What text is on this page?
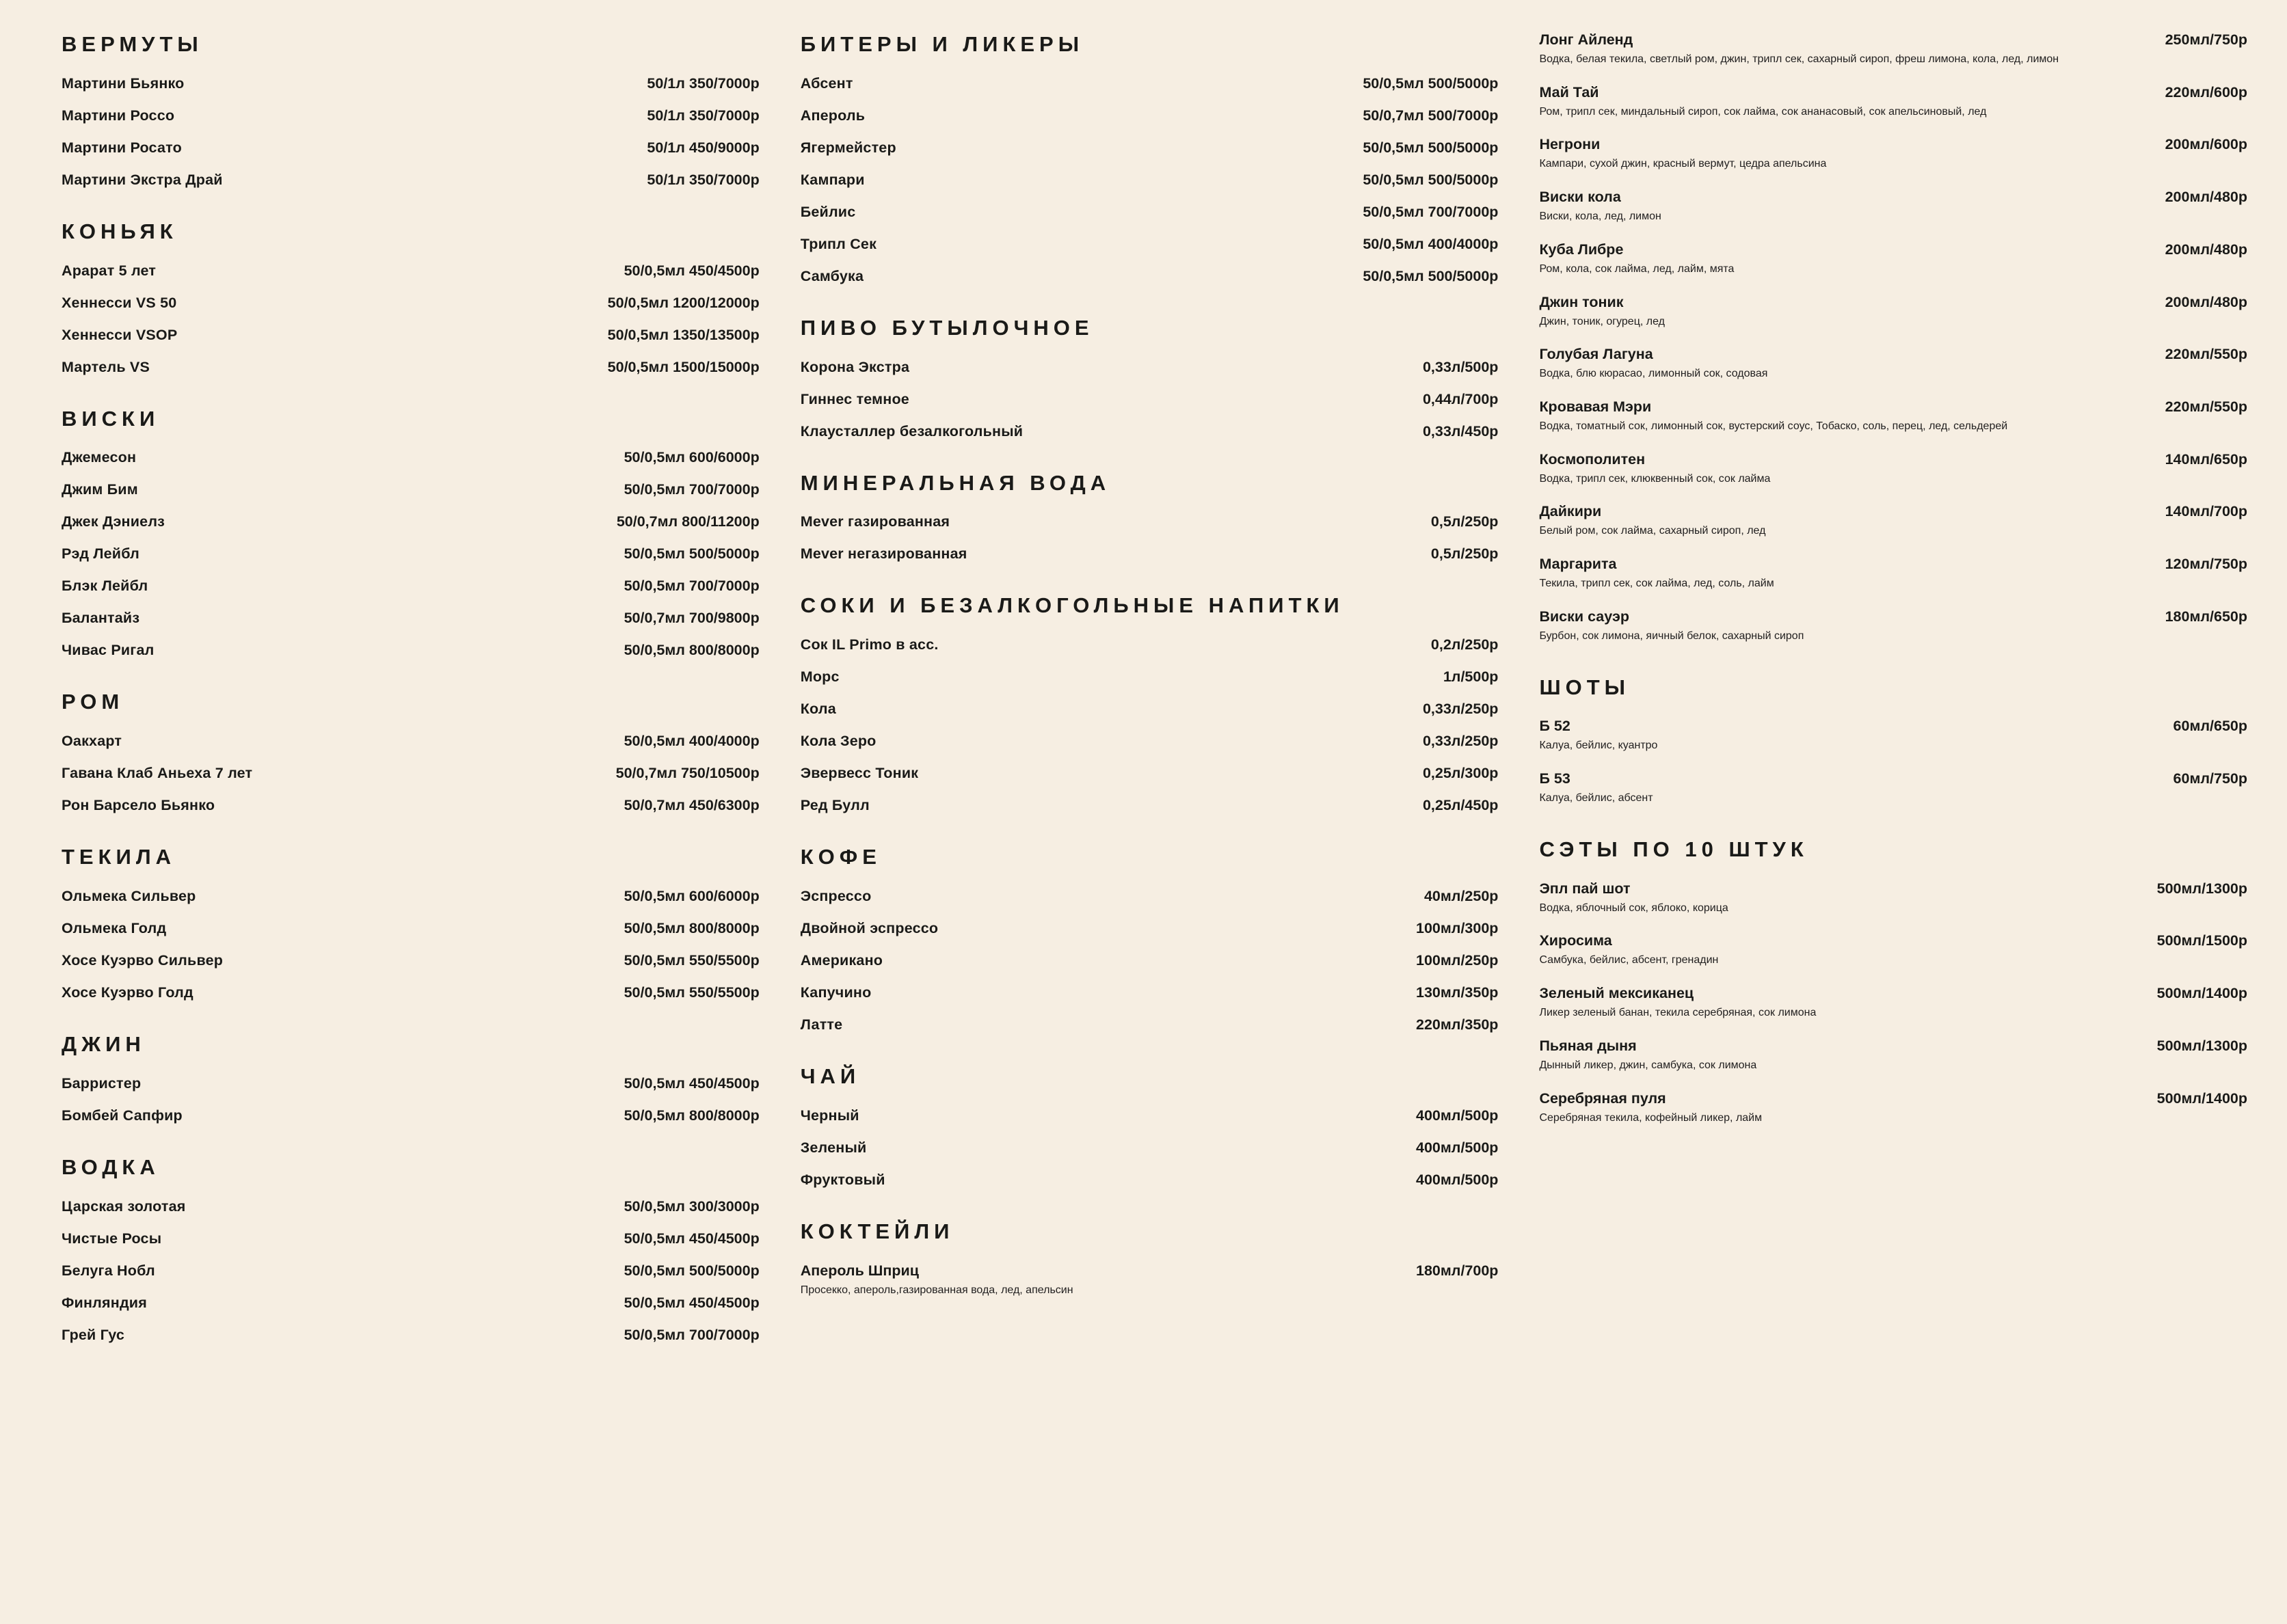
ВЕРМУТЫ
Мартини Бьянко	50/1л 350/7000р
Мартини Россо	50/1л 350/7000р
Мартини Росато	50/1л 450/9000р
Мартини Экстра Драй	50/1л 350/7000р
КОНЬЯК
Арарат 5 лет	50/0,5мл 450/4500р
Хеннесси VS 50	50/0,5мл 1200/12000р
Хеннесси VSOP	50/0,5мл 1350/13500р
Мартель VS	50/0,5мл 1500/15000р
ВИСКИ
Джемесон	50/0,5мл 600/6000р
Джим Бим	50/0,5мл 700/7000р
Джек Дэниелз	50/0,7мл 800/11200р
Рэд Лейбл	50/0,5мл 500/5000р
Блэк Лейбл	50/0,5мл 700/7000р
Балантайз	50/0,7мл 700/9800р
Чивас Ригал	50/0,5мл 800/8000р
РОМ
Оакхарт	50/0,5мл 400/4000р
Гавана Клаб Аньеха 7 лет	50/0,7мл 750/10500р
Рон Барсело Бьянко	50/0,7мл 450/6300р
ТЕКИЛА
Ольмека Сильвер	50/0,5мл 600/6000р
Ольмека Голд	50/0,5мл 800/8000р
Хосе Куэрво Сильвер	50/0,5мл 550/5500р
Хосе Куэрво Голд	50/0,5мл 550/5500р
ДЖИН
Барристер	50/0,5мл 450/4500р
Бомбей Сапфир	50/0,5мл 800/8000р
ВОДКА
Царская золотая	50/0,5мл 300/3000р
Чистые Росы	50/0,5мл 450/4500р
Белуга Нобл	50/0,5мл 500/5000р
Финляндия	50/0,5мл 450/4500р
Грей Гус	50/0,5мл 700/7000р
БИТЕРЫ И ЛИКЕРЫ
Абсент	50/0,5мл 500/5000р
Апероль	50/0,7мл 500/7000р
Ягермейстер	50/0,5мл 500/5000р
Кампари	50/0,5мл 500/5000р
Бейлис	50/0,5мл 700/7000р
Трипл Сек	50/0,5мл 400/4000р
Самбука	50/0,5мл 500/5000р
ПИВО БУТЫЛОЧНОЕ
Корона Экстра	0,33л/500р
Гиннес темное	0,44л/700р
Клаусталлер безалкогольный	0,33л/450р
МИНЕРАЛЬНАЯ ВОДА
Mever газированная	0,5л/250р
Mever негазированная	0,5л/250р
СОКИ И БЕЗАЛКОГОЛЬНЫЕ НАПИТКИ
Сок IL Primo в асс.	0,2л/250р
Морс	1л/500р
Кола	0,33л/250р
Кола Зеро	0,33л/250р
Эвервесс Тоник	0,25л/300р
Ред Булл	0,25л/450р
КОФЕ
Эспрессо	40мл/250р
Двойной эспрессо	100мл/300р
Американо	100мл/250р
Капучино	130мл/350р
Латте	220мл/350р
ЧАЙ
Черный	400мл/500р
Зеленый	400мл/500р
Фруктовый	400мл/500р
КОКТЕЙЛИ
Апероль Шприц	180мл/700р
Просекко, апероль,газированная вода, лед, апельсин
Лонг Айленд	250мл/750р
Водка, белая текила, светлый ром, джин, трипл сек, сахарный сироп, фреш лимона, кола, лед, лимон
Май Тай	220мл/600р
Ром, трипл сек, миндальный сироп, сок лайма, сок ананасовый, сок апельсиновый, лед
Негрони	200мл/600р
Кампари, сухой джин, красный вермут, цедра апельсина
Виски кола	200мл/480р
Виски, кола, лед, лимон
Куба Либре	200мл/480р
Ром, кола, сок лайма, лед, лайм, мята
Джин тоник	200мл/480р
Джин, тоник, огурец, лед
Голубая Лагуна	220мл/550р
Водка, блю кюрасао, лимонный сок, содовая
Кровавая Мэри	220мл/550р
Водка, томатный сок, лимонный сок, вустерский соус, Тобаско, соль, перец, лед, сельдерей
Космополитен	140мл/650р
Водка, трипл сек, клюквенный сок, сок лайма
Дайкири	140мл/700р
Белый ром, сок лайма, сахарный сироп, лед
Маргарита	120мл/750р
Текила, трипл сек, сок лайма, лед, соль, лайм
Виски сауэр	180мл/650р
Бурбон, сок лимона, яичный белок, сахарный сироп
ШОТЫ
Б 52	60мл/650р
Калуа, бейлис, куантро
Б 53	60мл/750р
Калуа, бейлис, абсент
СЭТЫ ПО 10 ШТУК
Эпл пай шот	500мл/1300р
Водка, яблочный сок, яблоко, корица
Хиросима	500мл/1500р
Самбука, бейлис, абсент, гренадин
Зеленый мексиканец	500мл/1400р
Ликер зеленый банан, текила серебряная, сок лимона
Пьяная дыня	500мл/1300р
Дынный ликер, джин, самбука, сок лимона
Серебряная пуля	500мл/1400р
Серебряная текила, кофейный ликер, лайм
